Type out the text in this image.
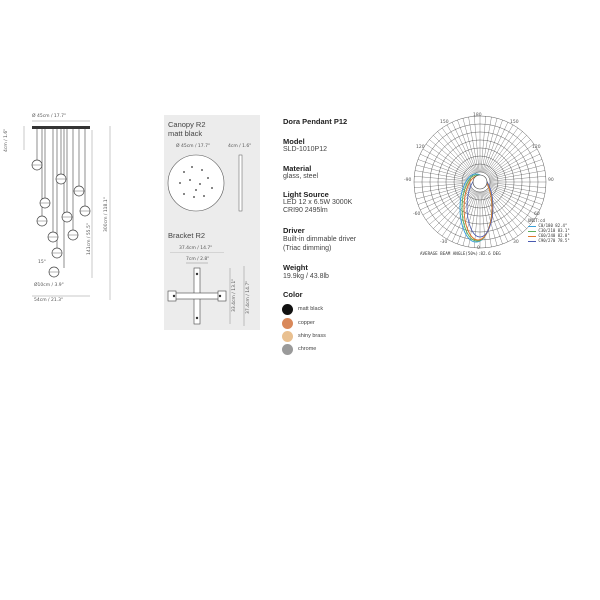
Ø 45cm / 17.7"
4cm / 1.6"
300cm / 118.1"
141cm / 55.5"
15°
Ø10cm / 3.9"
54cm / 21.3"
Canopy R2
matt black
Ø 45cm / 17.7"	4cm / 1.6"
Bracket R2
37.4cm / 14.7"
7cm / 2.8"
33.4cm / 13.1" 37.4cm / 14.7"
Dora Pendant P12
Model
SLD-1010P12
Material
glass, steel
Light Source
LED 12 x 6.5W 3000K
CRI90 2495lm
Driver
Built-in dimmable driver
(Triac dimming)
Weight
19.9kg / 43.8lb
Color
matt black
copper
shiny brass
chrome
180
150	150
120	120
-90	90
-60	60
-30	30
0
UNIT:cd
C0/180 82.4°
C30/210 83.1°
C60/240 82.8°
C90/270 78.5°
AVERAGE BEAM ANGLE(50%):82.6 DEG
